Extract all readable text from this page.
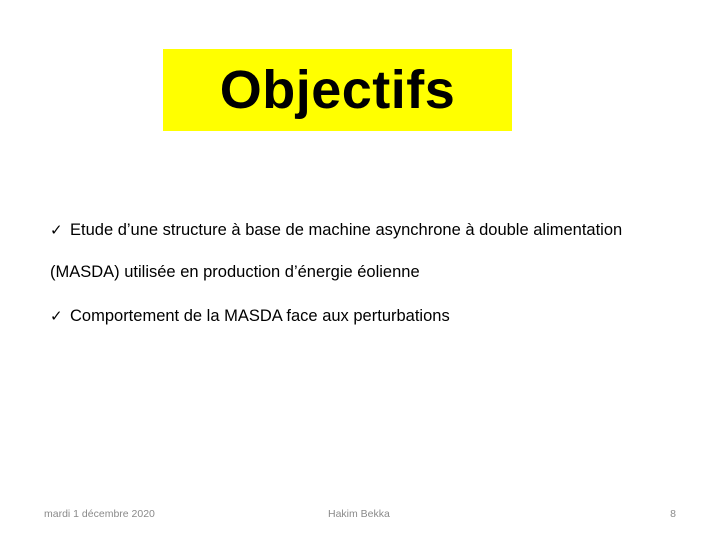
Objectifs
✓ Etude d’une structure à base de machine asynchrone à double alimentation
(MASDA) utilisée en production d’énergie éolienne
✓ Comportement de la MASDA face aux perturbations
mardi 1 décembre 2020	Hakim Bekka	8
